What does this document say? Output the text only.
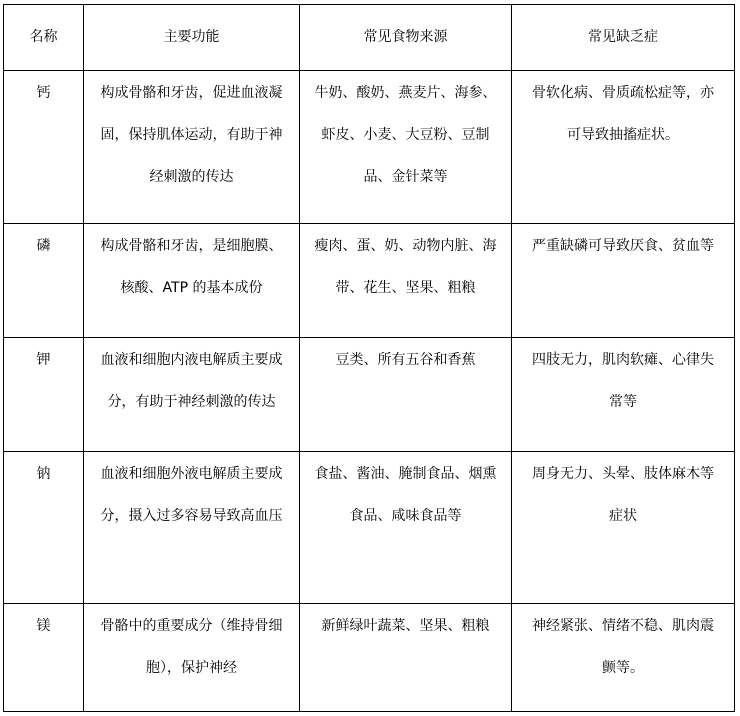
名称	主要功能	常见食物来源	常见缺乏症

钙	构成骨骼和牙齿，促进血液凝固，保持肌体运动，有助于神经刺激的传达	牛奶、酸奶、燕麦片、海参、虾皮、小麦、大豆粉、豆制品、金针菜等	骨软化病、骨质疏松症等，亦可导致抽搐症状。

磷	构成骨骼和牙齿，是细胞膜、核酸、ATP 的基本成份	瘦肉、蛋、奶、动物内脏、海带、花生、坚果、粗粮	严重缺磷可导致厌食、贫血等

钾	血液和细胞内液电解质主要成分，有助于神经刺激的传达	豆类、所有五谷和香蕉	四肢无力，肌肉软瘫、心律失常等

钠	血液和细胞外液电解质主要成分，摄入过多容易导致高血压	食盐、酱油、腌制食品、烟熏食品、咸味食品等	周身无力、头晕、肢体麻木等症状

镁	骨骼中的重要成分（维持骨细胞），保护神经	新鲜绿叶蔬菜、坚果、粗粮	神经紧张、情绪不稳、肌肉震颤等。
